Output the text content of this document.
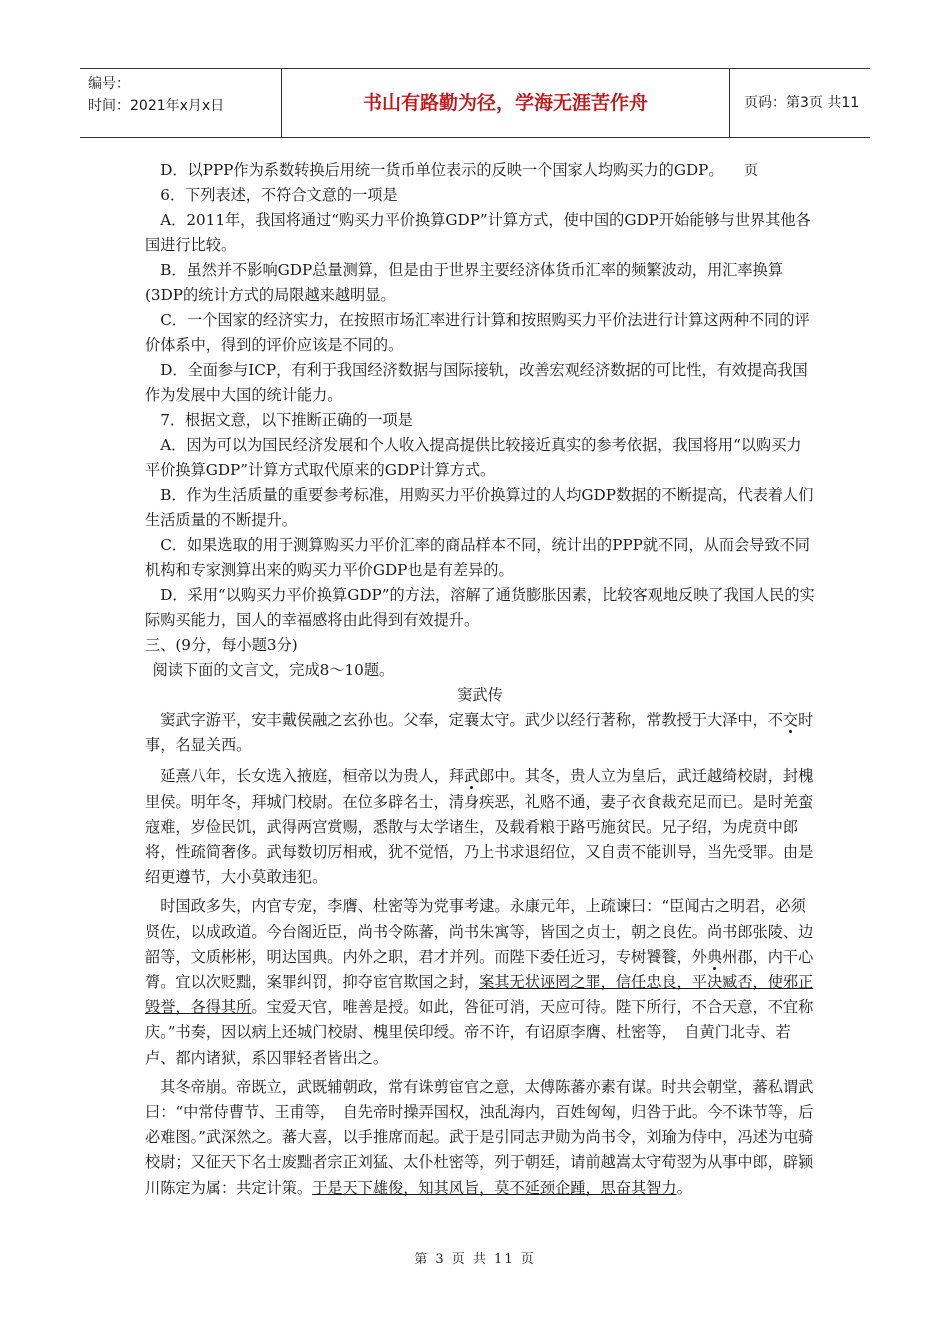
编号：
时间：2021年x月x日	书山有路勤为径，学海无涯苦作舟	页码：第3页 共11页

D．以PPP作为系数转换后用统一货币单位表示的反映一个国家人均购买力的GDP。

6．下列表述，不符合文意的一项是

A．2011年，我国将通过“购买力平价换算GDP”计算方式，使中国的GDP开始能够与世界其他各国进行比较。

B．虽然并不影响GDP总量测算，但是由于世界主要经济体货币汇率的频繁波动，用汇率换算(3DP的统计方式的局限越来越明显。

C．一个国家的经济实力，在按照市场汇率进行计算和按照购买力平价法进行计算这两种不同的评价体系中，得到的评价应该是不同的。

D．全面参与ICP，有利于我国经济数据与国际接轨，改善宏观经济数据的可比性，有效提高我国作为发展中大国的统计能力。

7．根据文意，以下推断正确的一项是

A．因为可以为国民经济发展和个人收入提高提供比较接近真实的参考依据，我国将用“以购买力平价换算GDP”计算方式取代原来的GDP计算方式。

B．作为生活质量的重要参考标准，用购买力平价换算过的人均GDP数据的不断提高，代表着人们生活质量的不断提升。

C．如果选取的用于测算购买力平价汇率的商品样本不同，统计出的PPP就不同，从而会导致不同机构和专家测算出来的购买力平价GDP也是有差异的。

D．采用“以购买力平价换算GDP”的方法，溶解了通货膨胀因素，比较客观地反映了我国人民的实际购买能力，国人的幸福感将由此得到有效提升。

三、(9分，每小题3分)

阅读下面的文言文，完成8～10题。

窦武传

窦武字游平，安丰戴侯融之玄孙也。父奉，定襄太守。武少以经行著称，常教授于大泽中，不交时事，名显关西。

延熹八年，长女选入掖庭，桓帝以为贵人，拜武郎中。其冬，贵人立为皇后，武迁越绮校尉，封槐里侯。明年冬，拜城门校尉。在位多辟名士，清身疾恶，礼赂不通，妻子衣食裁充足而已。是时羌蛮寇难，岁俭民饥，武得两宫赏赐，悉散与太学诸生，及载肴粮于路丐施贫民。兄子绍，为虎贲中郎将，性疏简奢侈。武每数切厉相戒，犹不觉悟，乃上书求退绍位，又自责不能训导，当先受罪。由是绍更遵节，大小莫敢违犯。

时国政多失，内官专宠，李膺、杜密等为党事考逮。永康元年，上疏谏曰：“臣闻古之明君，必须贤佐，以成政道。今台阁近臣，尚书令陈蕃，尚书朱寓等，皆国之贞士，朝之良佐。尚书郎张陵、边韶等，文质彬彬，明达国典。内外之职，君才并列。而陛下委任近习，专树饕餮，外典州郡，内干心膂。宜以次贬黜，案罪纠罚，抑夺宦官欺国之封，案其无状诬罔之罪，信任忠良，平决臧否，使邪正毁誉，各得其所。宝爱天官，唯善是授。如此，咎征可消，天应可待。陛下所行，不合天意，不宜称庆。”书奏，因以病上还城门校尉、槐里侯印绶。帝不许，有诏原李膺、杜密等，　自黄门北寺、若卢、都内诸狱，系囚罪轻者皆出之。

其冬帝崩。帝既立，武既辅朝政，常有诛剪宦官之意，太傅陈蕃亦素有谋。时共会朝堂，蕃私谓武曰：“中常侍曹节、王甫等，　自先帝时操弄国权，浊乱海内，百姓匈匈，归咎于此。今不诛节等，后必难图。”武深然之。蕃大喜，以手推席而起。武于是引同志尹勋为尚书令，刘瑜为侍中，冯述为屯骑校尉；又征天下名士废黜者宗正刘猛、太仆杜密等，列于朝廷，请前越嵩太守荀翌为从事中郎，辟颍川陈定为属：共定计策。于是天下雄俊，知其风旨，莫不延颈企踵，思奋其智力。

第 3 页 共 11 页
